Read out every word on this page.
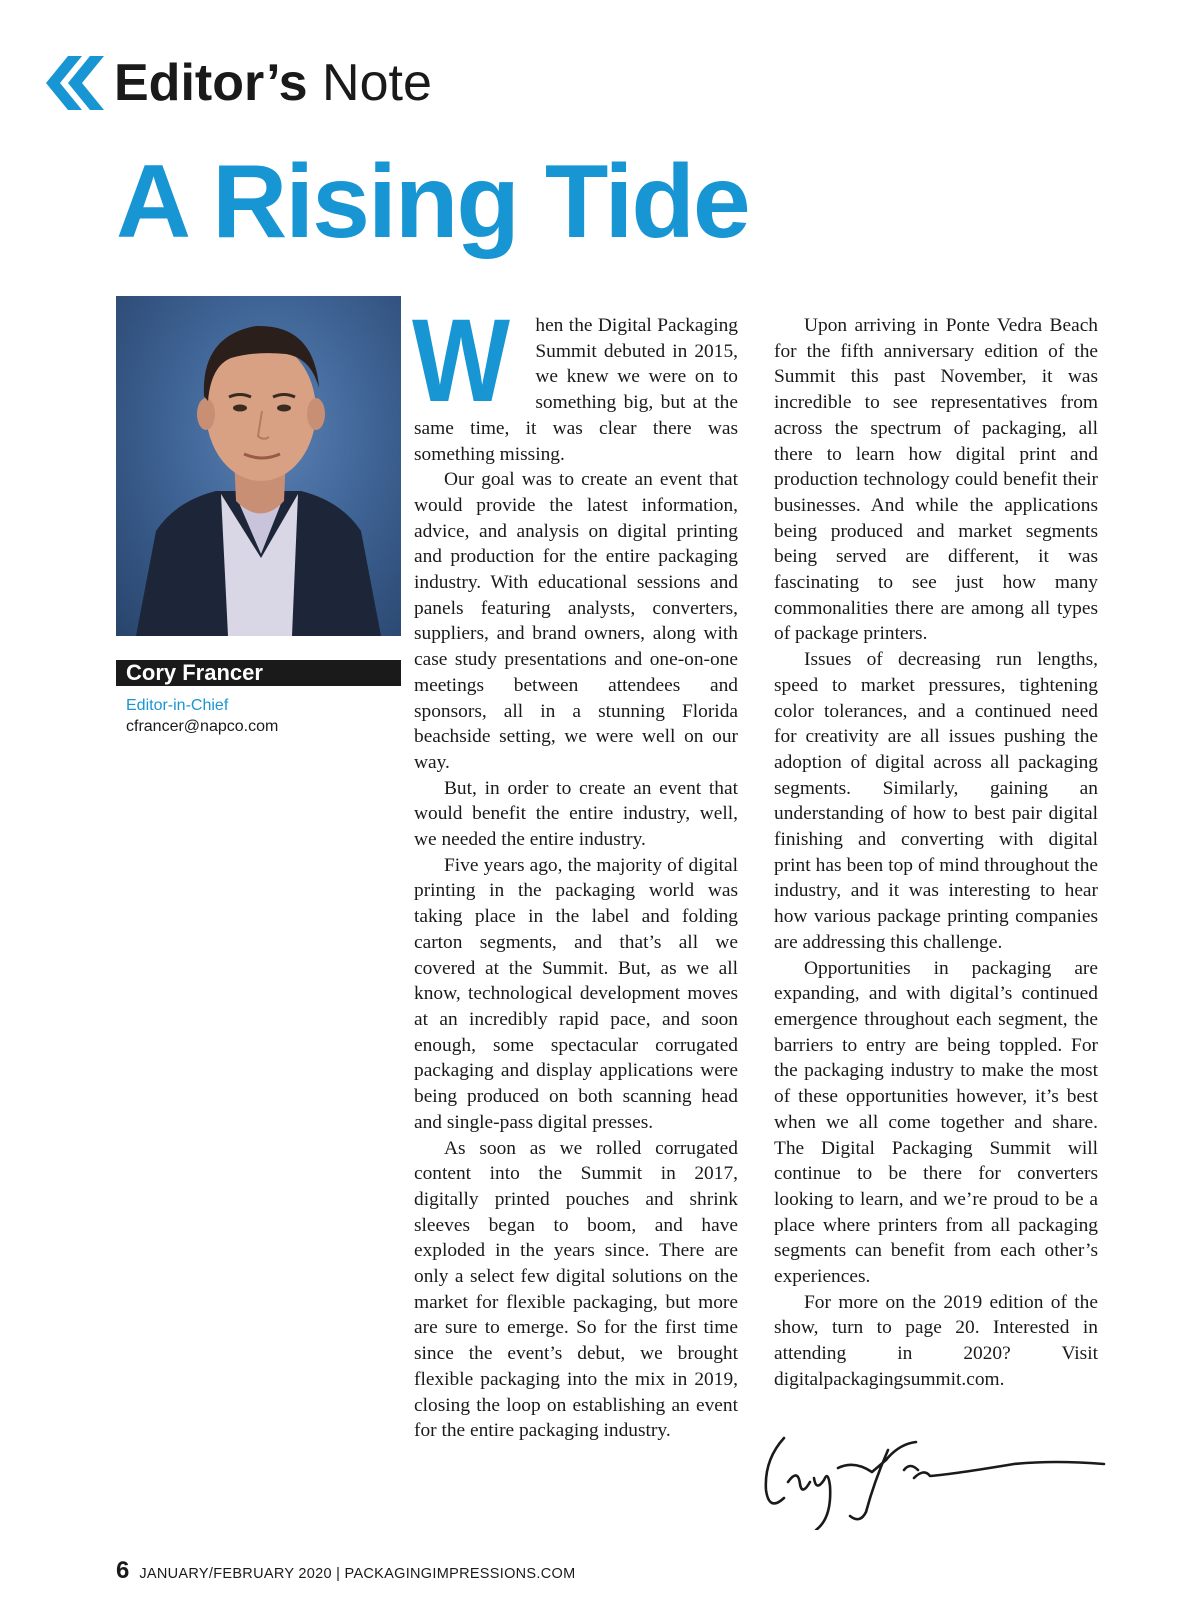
Editor’s Note
A Rising Tide
Cory Francer
Editor-in-Chief
cfrancer@napco.com

W hen the Digital Packaging Summit debuted in 2015, we knew we were on to something big, but at the same time, it was clear there was something missing.

Our goal was to create an event that would provide the latest information, advice, and analysis on digital printing and production for the entire packaging industry. With educational sessions and panels featuring analysts, converters, suppliers, and brand owners, along with case study presentations and one-on-one meetings between attendees and sponsors, all in a stunning Florida beachside setting, we were well on our way.

But, in order to create an event that would benefit the entire industry, well, we needed the entire industry.

Five years ago, the majority of digital printing in the packaging world was taking place in the label and folding carton segments, and that’s all we covered at the Summit. But, as we all know, technological development moves at an incredibly rapid pace, and soon enough, some spectacular corrugated packaging and display applications were being produced on both scanning head and single-pass digital presses.

As soon as we rolled corrugated content into the Summit in 2017, digitally printed pouches and shrink sleeves began to boom, and have exploded in the years since. There are only a select few digital solutions on the market for flexible packaging, but more are sure to emerge. So for the first time since the event’s debut, we brought flexible packaging into the mix in 2019, closing the loop on establishing an event for the entire packaging industry.

Upon arriving in Ponte Vedra Beach for the fifth anniversary edition of the Summit this past November, it was incredible to see representatives from across the spectrum of packaging, all there to learn how digital print and production technology could benefit their businesses. And while the applications being produced and market segments being served are different, it was fascinating to see just how many commonalities there are among all types of package printers.

Issues of decreasing run lengths, speed to market pressures, tightening color tolerances, and a continued need for creativity are all issues pushing the adoption of digital across all packaging segments. Similarly, gaining an understanding of how to best pair digital finishing and converting with digital print has been top of mind throughout the industry, and it was interesting to hear how various package printing companies are addressing this challenge.

Opportunities in packaging are expanding, and with digital’s continued emergence throughout each segment, the barriers to entry are being toppled. For the packaging industry to make the most of these opportunities however, it’s best when we all come together and share. The Digital Packaging Summit will continue to be there for converters looking to learn, and we’re proud to be a place where printers from all packaging segments can benefit from each other’s experiences.

For more on the 2019 edition of the show, turn to page 20. Interested in attending in 2020? Visit digitalpackagingsummit.com.

6 JANUARY/FEBRUARY 2020 | PACKAGINGIMPRESSIONS.COM
